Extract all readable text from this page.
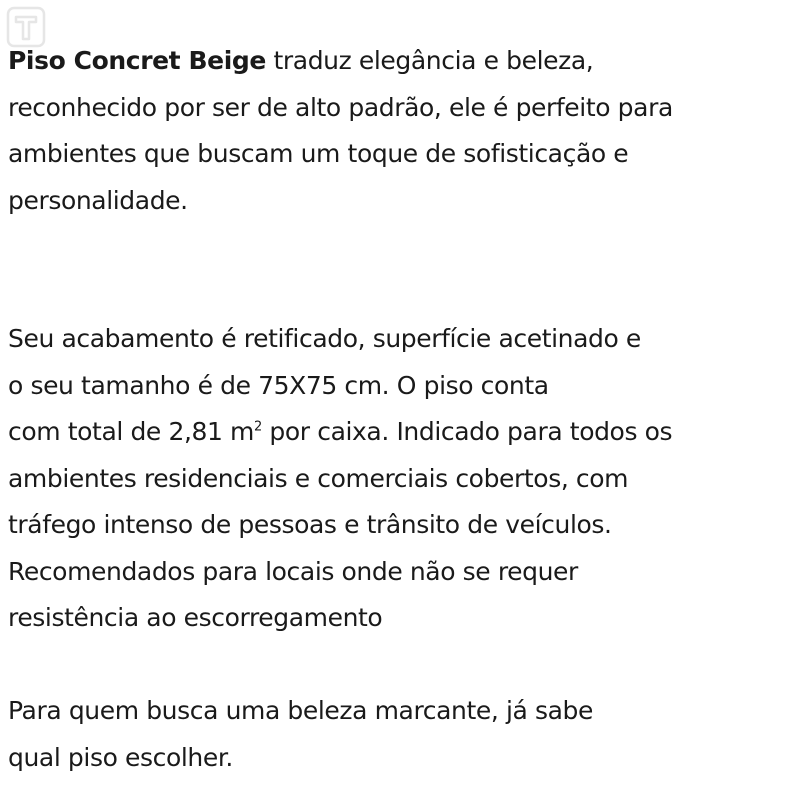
Piso Concret Beige traduz elegância e beleza,
reconhecido por ser de alto padrão, ele é perfeito para
ambientes que buscam um toque de sofisticação e
personalidade.
Seu acabamento é retificado, superfície acetinado e
o seu tamanho é de 75X75 cm. O piso conta
com total de 2,81 $m^2$ por caixa. Indicado para todos os
ambientes residenciais e comerciais cobertos, com
tráfego intenso de pessoas e trânsito de veículos.
Recomendados para locais onde não se requer
resistência ao escorregamento
Para quem busca uma beleza marcante, já sabe
qual piso escolher.
